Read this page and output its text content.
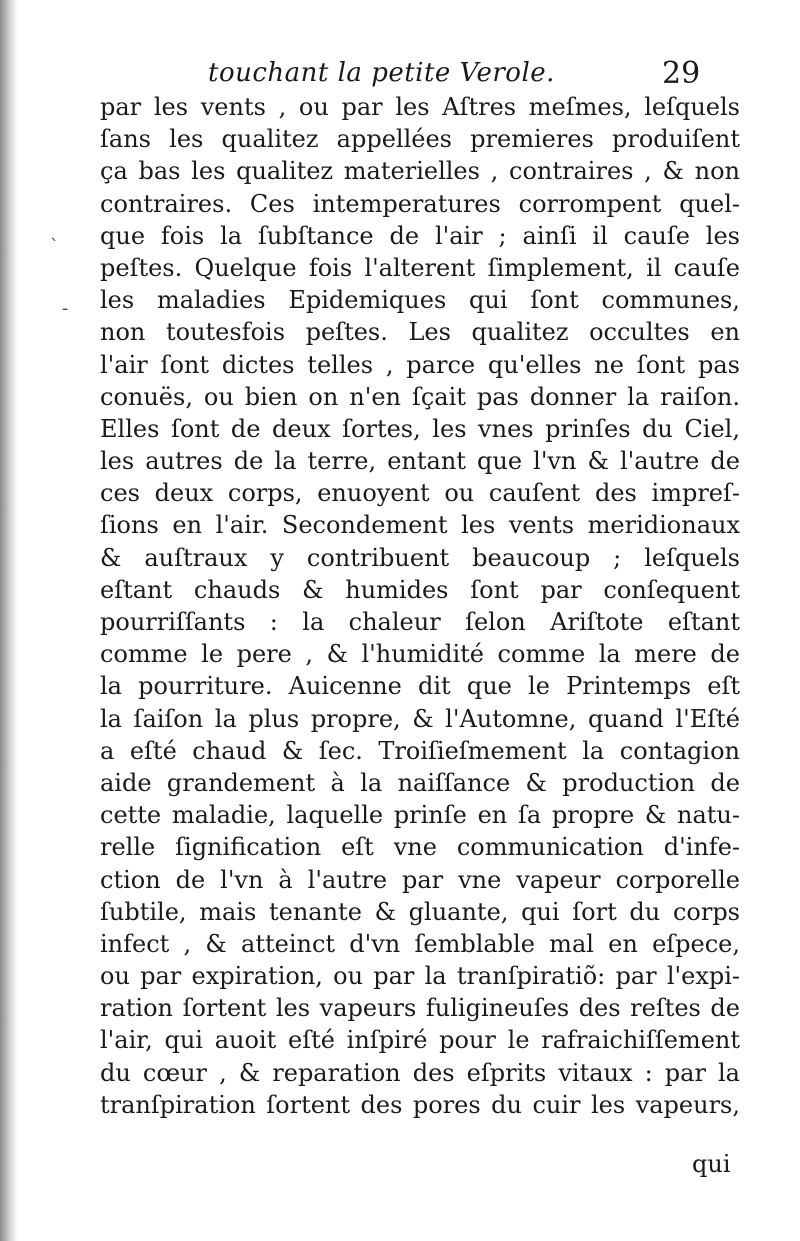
touchant la petite Verole.	29
`
-
par les vents , ou par les Aſtres meſmes, leſquels
ſans les qualitez appellées premieres produiſent
ça bas les qualitez materielles , contraires , & non
contraires. Ces intemperatures corrompent quel-
que fois la ſubſtance de l'air ; ainſi il cauſe les
peſtes. Quelque fois l'alterent ſimplement, il cauſe
les maladies Epidemiques qui ſont communes,
non toutesfois peſtes. Les qualitez occultes en
l'air ſont dictes telles , parce qu'elles ne ſont pas
conuës, ou bien on n'en ſçait pas donner la raiſon.
Elles ſont de deux ſortes, les vnes prinſes du Ciel,
les autres de la terre, entant que l'vn & l'autre de
ces deux corps, enuoyent ou cauſent des impreſ-
ſions en l'air. Secondement les vents meridionaux
& auſtraux y contribuent beaucoup ; leſquels
eſtant chauds & humides ſont par conſequent
pourriſſants : la chaleur ſelon Ariſtote eſtant
comme le pere , & l'humidité comme la mere de
la pourriture. Auicenne dit que le Printemps eſt
la ſaiſon la plus propre, & l'Automne, quand l'Eſté
a eſté chaud & ſec. Troiſieſmement la contagion
aide grandement à la naiſſance & production de
cette maladie, laquelle prinſe en ſa propre & natu-
relle ſignification eſt vne communication d'infe-
ction de l'vn à l'autre par vne vapeur corporelle
ſubtile, mais tenante & gluante, qui ſort du corps
infect , & atteinct d'vn ſemblable mal en eſpece,
ou par expiration, ou par la tranſpiratiõ: par l'expi-
ration ſortent les vapeurs fuligineuſes des reſtes de
l'air, qui auoit eſté inſpiré pour le rafraichiſſement
du cœur , & reparation des eſprits vitaux : par la
tranſpiration ſortent des pores du cuir les vapeurs,
qui
